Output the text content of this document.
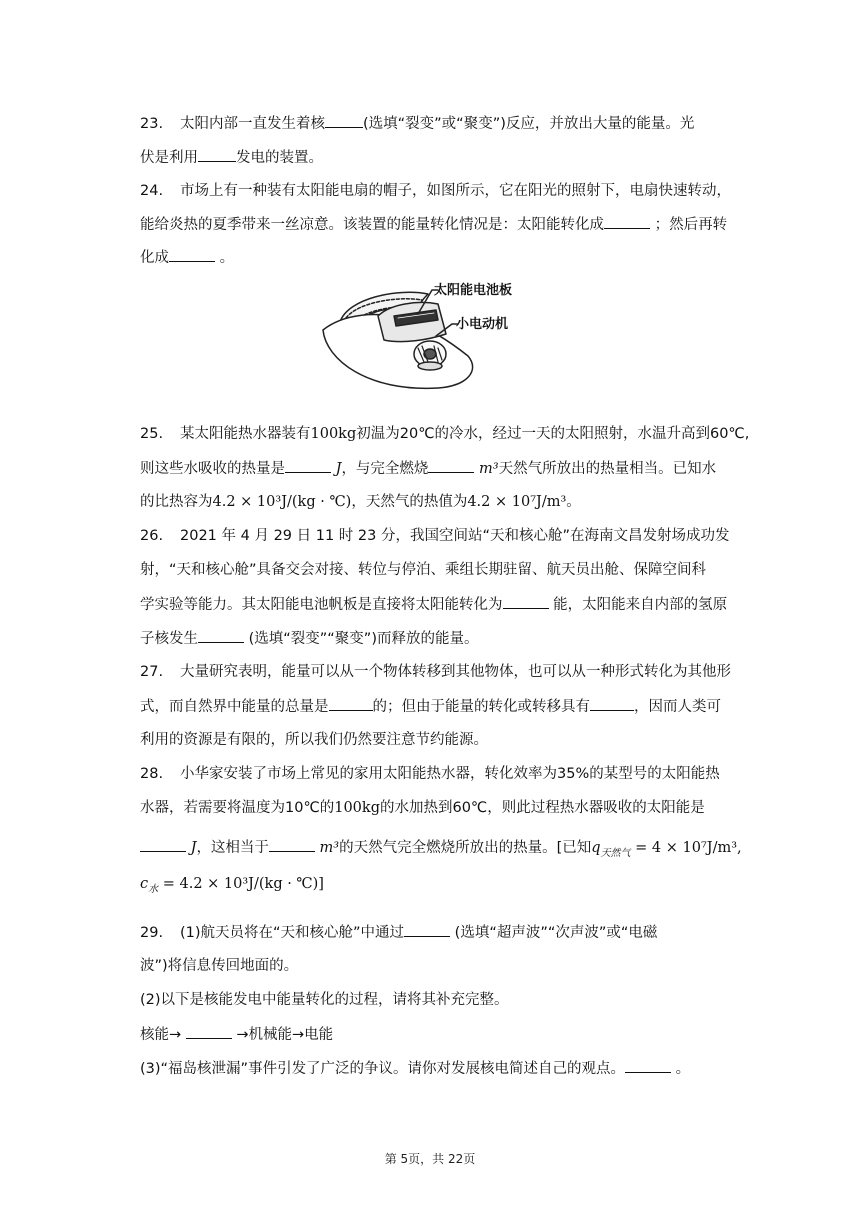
23. 太阳内部一直发生着核	(选填“裂变”或“聚变”)反应，并放出大量的能量。光
伏是利用	发电的装置。
24. 市场上有一种装有太阳能电扇的帽子，如图所示，它在阳光的照射下，电扇快速转动，
能给炎热的夏季带来一丝凉意。该装置的能量转化情况是：太阳能转化成	；然后再转
化成	。
太阳能电池板
小电动机
25. 某太阳能热水器装有100kg初温为20℃的冷水，经过一天的太阳照射，水温升高到60℃,
则这些水吸收的热量是	J，与完全燃烧	m³天然气所放出的热量相当。已知水
的比热容为4.2 × 10³J/(kg · ℃)，天然气的热值为4.2 × 10⁷J/m³。
26. 2021 年 4 月 29 日 11 时 23 分，我国空间站“天和核心舱”在海南文昌发射场成功发
射，“天和核心舱”具备交会对接、转位与停泊、乘组长期驻留、航天员出舱、保障空间科
学实验等能力。其太阳能电池帆板是直接将太阳能转化为	能，太阳能来自内部的氢原
子核发生	(选填“裂变”“聚变”)而释放的能量。
27. 大量研究表明，能量可以从一个物体转移到其他物体，也可以从一种形式转化为其他形
式，而自然界中能量的总量是	的；但由于能量的转化或转移具有	，因而人类可
利用的资源是有限的，所以我们仍然要注意节约能源。
28. 小华家安装了市场上常见的家用太阳能热水器，转化效率为35%的某型号的太阳能热
水器，若需要将温度为10℃的100kg的水加热到60℃，则此过程热水器吸收的太阳能是
J，这相当于	m³的天然气完全燃烧所放出的热量。[已知$q_{天然气} = 4 \times 10^7J/m^3$,
$c_水 = 4.2 \times 10^3J/(kg$ · ℃)]
29. (1)航天员将在“天和核心舱”中通过	(选填“超声波”“次声波”或“电磁
波”)将信息传回地面的。
(2)以下是核能发电中能量转化的过程，请将其补充完整。
核能→	→机械能→电能
(3)“福岛核泄漏”事件引发了广泛的争议。请你对发展核电简述自己的观点。	。
第 5页，共 22页
